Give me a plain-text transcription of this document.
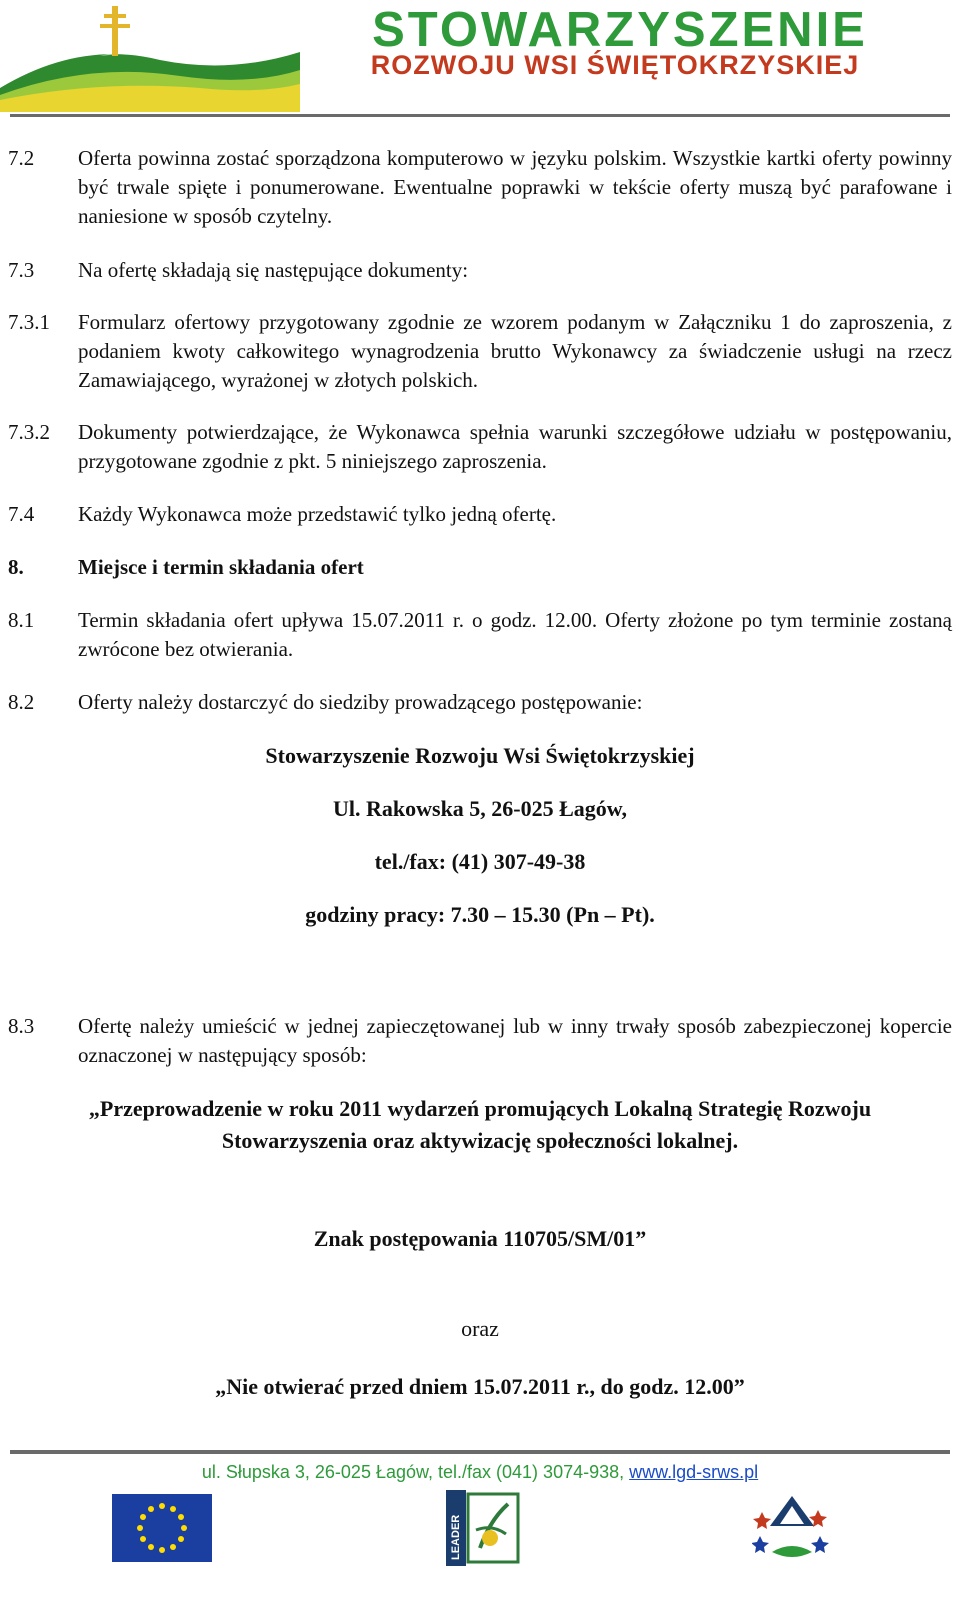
STOWARZYSZENIE
ROZWOJU WSI ŚWIĘTOKRZYSKIEJ
7.2 Oferta powinna zostać sporządzona komputerowo w języku polskim. Wszystkie kartki oferty powinny być trwale spięte i ponumerowane. Ewentualne poprawki w tekście oferty muszą być parafowane i naniesione w sposób czytelny.
7.3 Na ofertę składają się następujące dokumenty:
7.3.1 Formularz ofertowy przygotowany zgodnie ze wzorem podanym w Załączniku 1 do zaproszenia, z podaniem kwoty całkowitego wynagrodzenia brutto Wykonawcy za świadczenie usługi na rzecz Zamawiającego, wyrażonej w złotych polskich.
7.3.2 Dokumenty potwierdzające, że Wykonawca spełnia warunki szczegółowe udziału w postępowaniu, przygotowane zgodnie z pkt. 5 niniejszego zaproszenia.
7.4 Każdy Wykonawca może przedstawić tylko jedną ofertę.
8.	Miejsce i termin składania ofert
8.1 Termin składania ofert upływa 15.07.2011 r. o godz. 12.00. Oferty złożone po tym terminie zostaną zwrócone bez otwierania.
8.2 Oferty należy dostarczyć do siedziby prowadzącego postępowanie:
Stowarzyszenie Rozwoju Wsi Świętokrzyskiej
Ul. Rakowska 5, 26-025 Łagów,
tel./fax: (41) 307-49-38
godziny pracy: 7.30 – 15.30 (Pn – Pt).
8.3 Ofertę należy umieścić w jednej zapieczętowanej lub w inny trwały sposób zabezpieczonej kopercie oznaczonej w następujący sposób:
„Przeprowadzenie w roku 2011 wydarzeń promujących Lokalną Strategię Rozwoju
Stowarzyszenia oraz aktywizację społeczności lokalnej.
Znak postępowania 110705/SM/01”
oraz
„Nie otwierać przed dniem 15.07.2011 r., do godz. 12.00”
ul. Słupska 3, 26-025 Łagów, tel./fax (041) 3074-938, www.lgd-srws.pl
LEADER
